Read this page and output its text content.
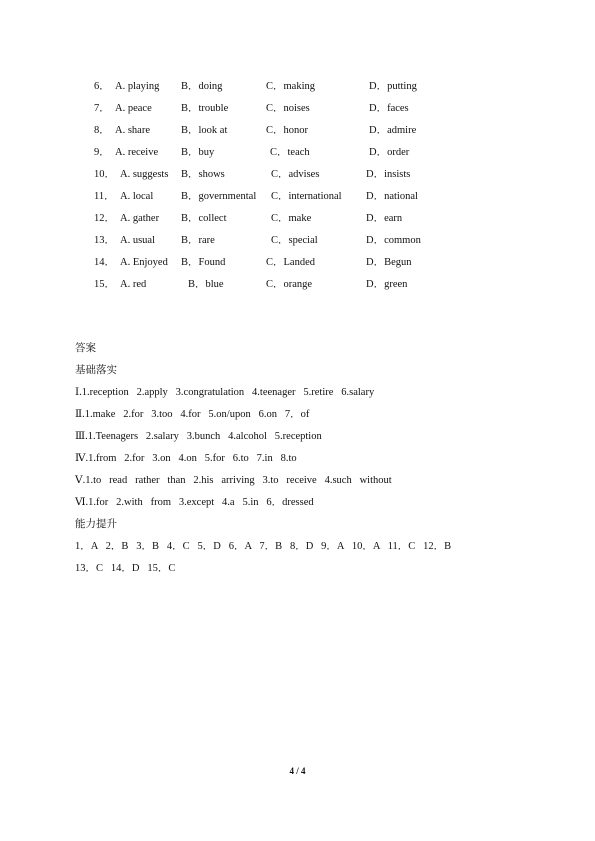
6． A. playing B．doing	C．making	D．putting
7． A. peace	B．trouble	C．noises	D．faces
8． A. share	B．look at	C．honor	D．admire
9． A. receive B．buy	C．teach	D．order
10． A. suggests B．shows	C．advises	D．insists
11． A. local	B．governmental C．international D．national
12． A. gather B．collect	C．make	D．earn
13． A. usual B．rare	C．special	D．common
14． A. Enjoyed B．Found	C．Landed	D．Begun
15． A. red	B．blue	C．orange	D．green
答案
基础落实
Ⅰ.1.reception   2.apply   3.congratulation   4.teenager   5.retire   6.salary
Ⅱ.1.make   2.for   3.too   4.for   5.on/upon   6.on   7．of
Ⅲ.1.Teenagers   2.salary   3.bunch   4.alcohol   5.reception
Ⅳ.1.from   2.for   3.on   4.on   5.for   6.to   7.in   8.to
Ⅴ.1.to   read   rather   than   2.his   arriving   3.to   receive   4.such   without
Ⅵ.1.for   2.with   from   3.except   4.a   5.in   6．dressed
能力提升
1．A   2．B   3．B   4．C   5．D   6．A   7．B   8．D   9．A   10．A   11．C   12．B
13．C   14．D   15．C
4 / 4
